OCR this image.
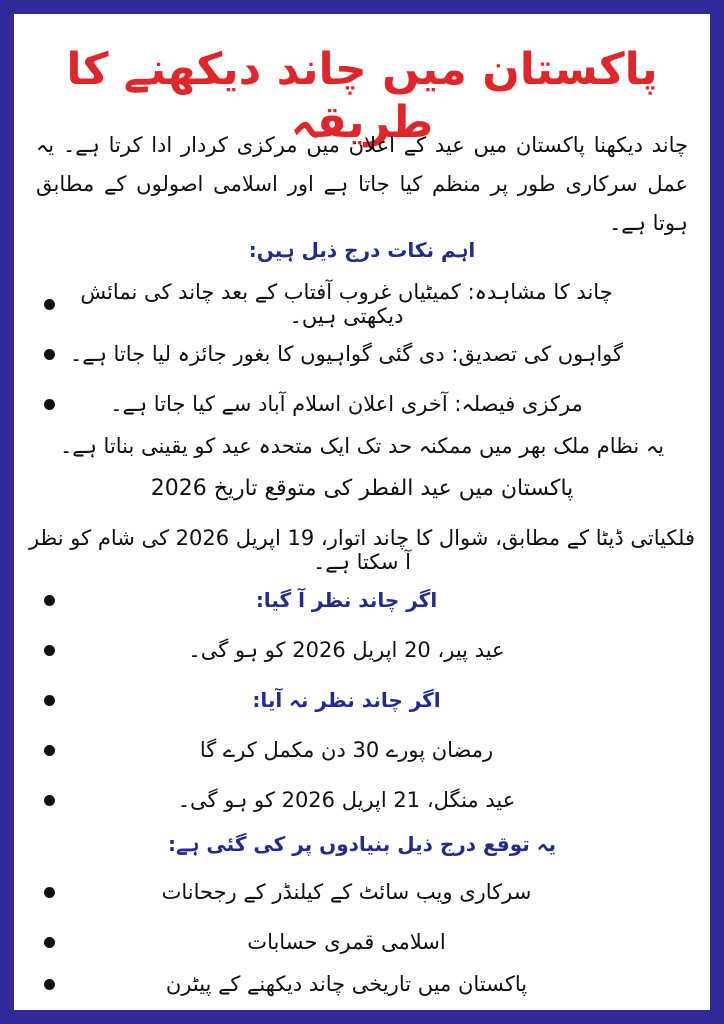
پاکستان میں چاند دیکھنے کا طریقہ
چاند دیکھنا پاکستان میں عید کے اعلان میں مرکزی کردار ادا کرتا ہے۔ یہ عمل سرکاری طور پر منظم کیا جاتا ہے اور اسلامی اصولوں کے مطابق ہوتا ہے۔
اہم نکات درج ذیل ہیں:
چاند کا مشاہدہ: کمیٹیاں غروب آفتاب کے بعد چاند کی نمائش دیکھتی ہیں۔
گواہوں کی تصدیق: دی گئی گواہیوں کا بغور جائزہ لیا جاتا ہے۔
مرکزی فیصلہ: آخری اعلان اسلام آباد سے کیا جاتا ہے۔
یہ نظام ملک بھر میں ممکنہ حد تک ایک متحدہ عید کو یقینی بناتا ہے۔
پاکستان میں عید الفطر کی متوقع تاریخ 2026
فلکیاتی ڈیٹا کے مطابق، شوال کا چاند اتوار، 19 اپریل 2026 کی شام کو نظر آ سکتا ہے۔
اگر چاند نظر آ گیا:
عید پیر، 20 اپریل 2026 کو ہو گی۔
اگر چاند نظر نہ آیا:
رمضان پورے 30 دن مکمل کرے گا
عید منگل، 21 اپریل 2026 کو ہو گی۔
یہ توقع درج ذیل بنیادوں پر کی گئی ہے:
سرکاری ویب سائٹ کے کیلنڈر کے رجحانات
اسلامی قمری حسابات
پاکستان میں تاریخی چاند دیکھنے کے پیٹرن
